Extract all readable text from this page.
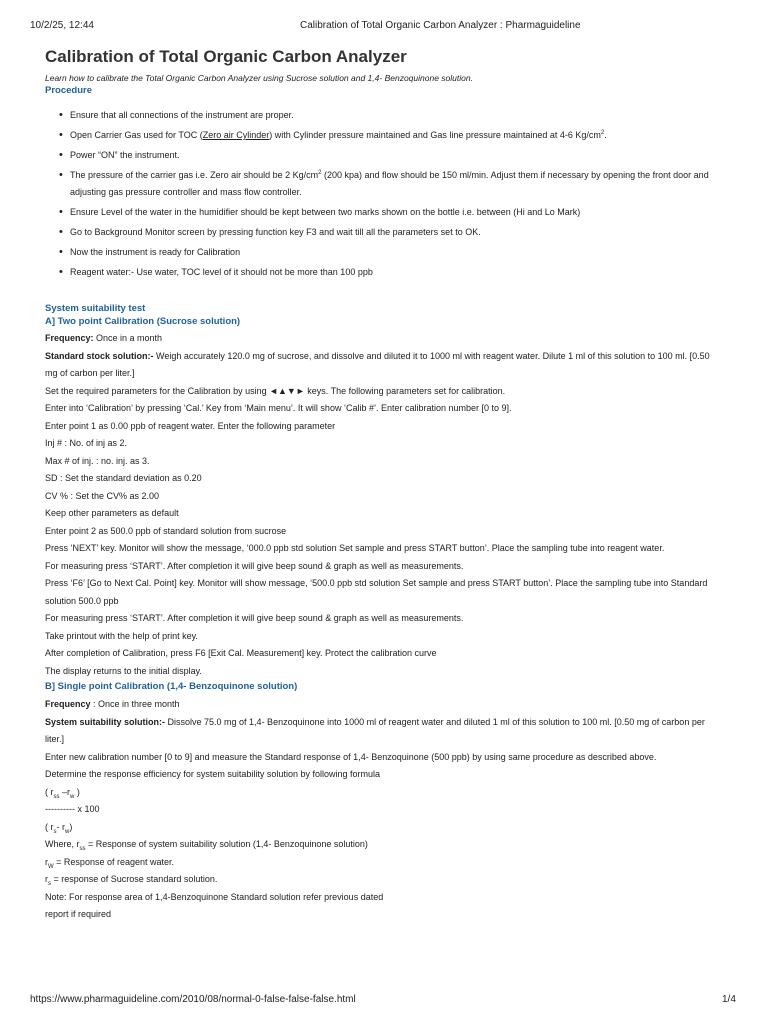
10/2/25, 12:44	Calibration of Total Organic Carbon Analyzer : Pharmaguideline
Calibration of Total Organic Carbon Analyzer
Learn how to calibrate the Total Organic Carbon Analyzer using Sucrose solution and 1,4- Benzoquinone solution.
Procedure
• Ensure that all connections of the instrument are proper.
• Open Carrier Gas used for TOC (Zero air Cylinder) with Cylinder pressure maintained and Gas line pressure maintained at 4-6 $Kg/cm^2$.
• Power “ON” the instrument.
• The pressure of the carrier gas i.e. Zero air should be 2 $Kg/cm^2$ (200 kpa) and flow should be 150 ml/min. Adjust them if necessary by opening the front door and adjusting gas pressure controller and mass flow controller.
• Ensure Level of the water in the humidifier should be kept between two marks shown on the bottle i.e. between (Hi and Lo Mark)
• Go to Background Monitor screen by pressing function key F3 and wait till all the parameters set to OK.
• Now the instrument is ready for Calibration
• Reagent water:- Use water, TOC level of it should not be more than 100 ppb
System suitability test
A] Two point Calibration (Sucrose solution)
Frequency: Once in a month
Standard stock solution:- Weigh accurately 120.0 mg of sucrose, and dissolve and diluted it to 1000 ml with reagent water. Dilute 1 ml of this solution to 100 ml. [0.50 mg of carbon per liter.]
Set the required parameters for the Calibration by using ◄▲▼► keys. The following parameters set for calibration.
Enter into ‘Calibration’ by pressing ‘Cal.’ Key from ‘Main menu’. It will show ‘Calib #’. Enter calibration number [0 to 9].
Enter point 1 as 0.00 ppb of reagent water. Enter the following parameter
Inj # : No. of inj as 2.
Max # of inj. : no. inj. as 3.
SD : Set the standard deviation as 0.20
CV % : Set the CV% as 2.00
Keep other parameters as default
Enter point 2 as 500.0 ppb of standard solution from sucrose
Press ‘NEXT’ key. Monitor will show the message, ‘000.0 ppb std solution Set sample and press START button’. Place the sampling tube into reagent water.
For measuring press ‘START’. After completion it will give beep sound & graph as well as measurements.
Press ‘F6’ [Go to Next Cal. Point] key. Monitor will show message, ‘500.0 ppb std solution Set sample and press START button’. Place the sampling tube into Standard solution 500.0 ppb
For measuring press ‘START’. After completion it will give beep sound & graph as well as measurements.
Take printout with the help of print key.
After completion of Calibration, press F6 [Exit Cal. Measurement] key. Protect the calibration curve
The display returns to the initial display.
B] Single point Calibration (1,4- Benzoquinone solution)
Frequency : Once in three month
System suitability solution:- Dissolve 75.0 mg of 1,4- Benzoquinone into 1000 ml of reagent water and diluted 1 ml of this solution to 100 ml. [0.50 mg of carbon per liter.]
Enter new calibration number [0 to 9] and measure the Standard response of 1,4- Benzoquinone (500 ppb) by using same procedure as described above.
Determine the response efficiency for system suitability solution by following formula
( $r_{ss}$ $-r_w$ )
---------- x 100
( $r_s-$ $r_w$)
Where, $r_{ss}$ = Response of system suitability solution (1,4- Benzoquinone solution)
$r_W$ = Response of reagent water.
$r_s$ = response of Sucrose standard solution.
Note: For response area of 1,4-Benzoquinone Standard solution refer previous dated
report if required
https://www.pharmaguideline.com/2010/08/normal-0-false-false-false.html	1/4
